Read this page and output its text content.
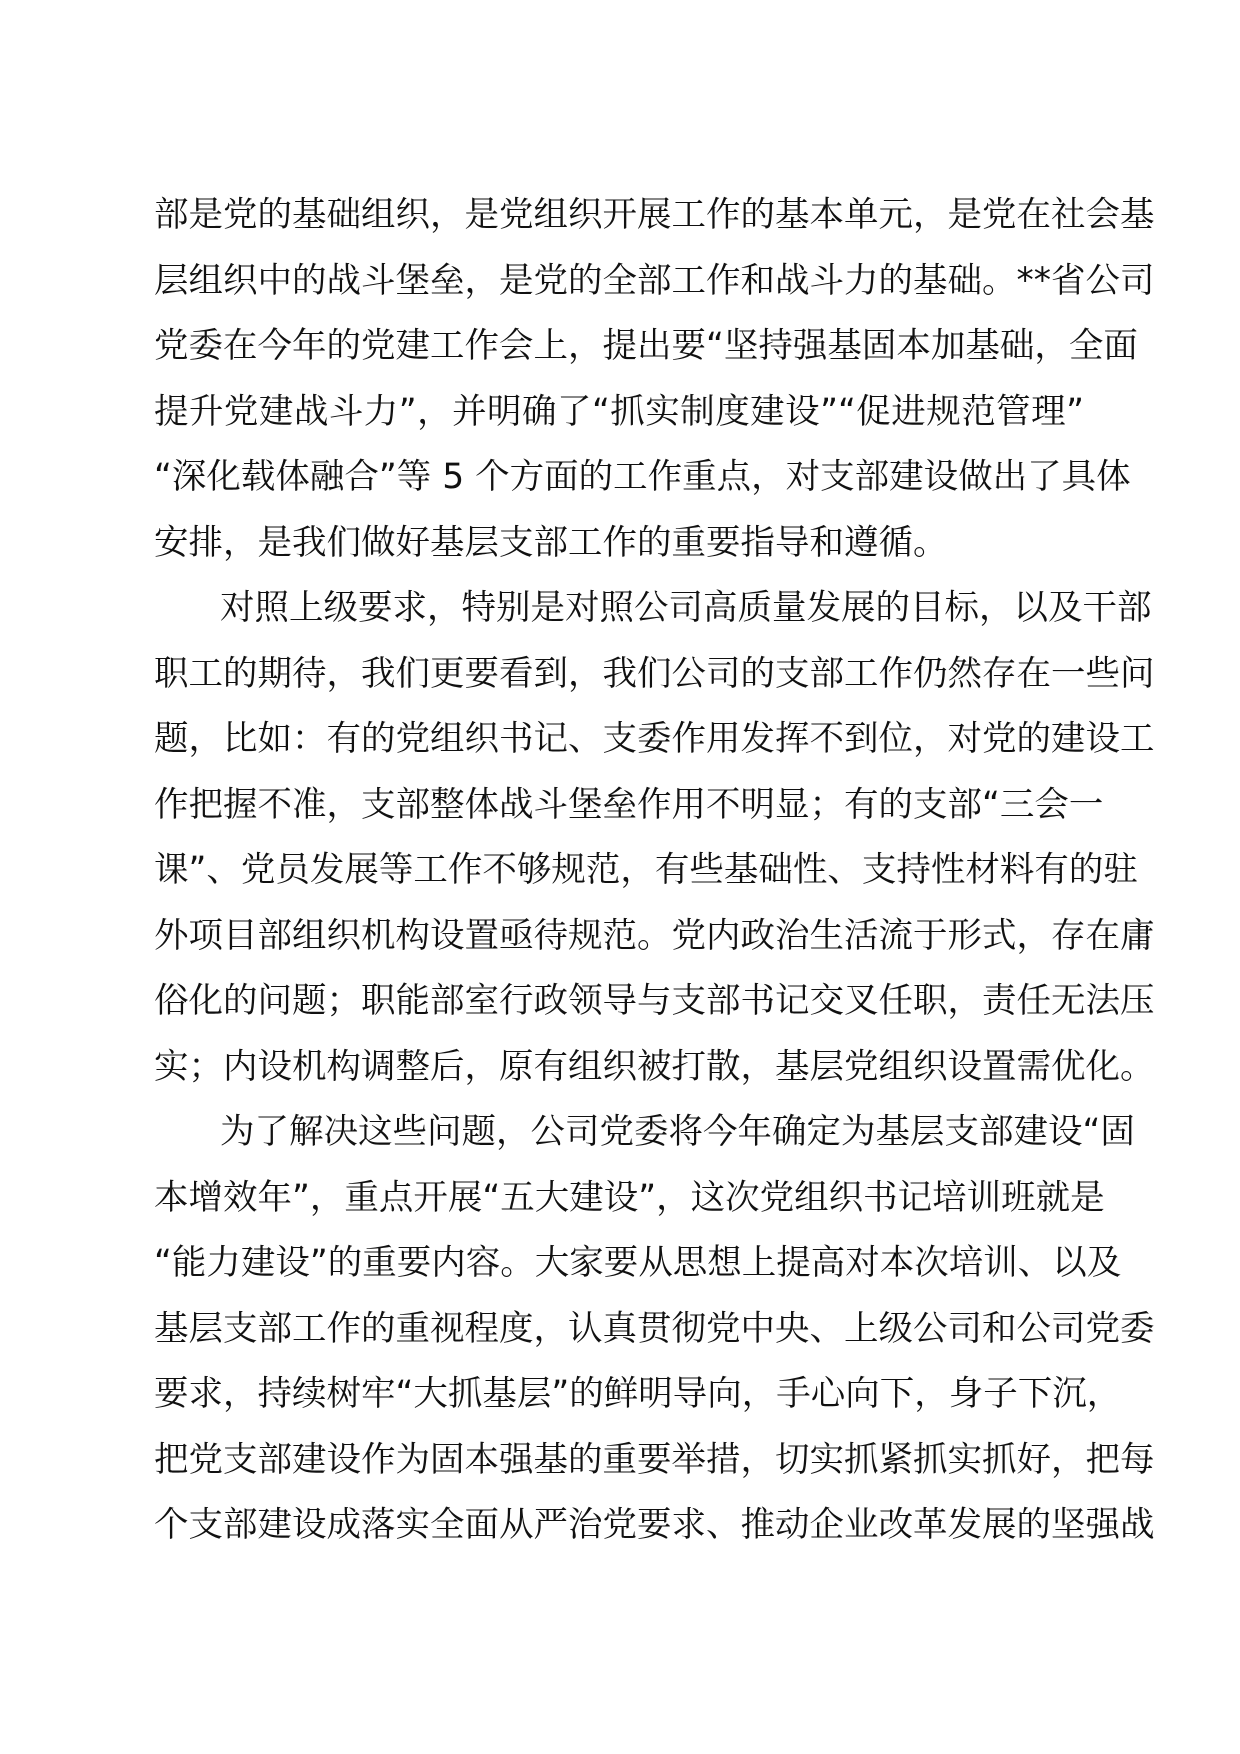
部是党的基础组织，是党组织开展工作的基本单元，是党在社会基
层组织中的战斗堡垒，是党的全部工作和战斗力的基础。**省公司
党委在今年的党建工作会上，提出要“坚持强基固本加基础，全面
提升党建战斗力”，并明确了“抓实制度建设”“促进规范管理”
“深化载体融合”等 5 个方面的工作重点，对支部建设做出了具体
安排，是我们做好基层支部工作的重要指导和遵循。
对照上级要求，特别是对照公司高质量发展的目标，以及干部
职工的期待，我们更要看到，我们公司的支部工作仍然存在一些问
题，比如：有的党组织书记、支委作用发挥不到位，对党的建设工
作把握不准，支部整体战斗堡垒作用不明显；有的支部“三会一
课”、党员发展等工作不够规范，有些基础性、支持性材料有的驻
外项目部组织机构设置亟待规范。党内政治生活流于形式，存在庸
俗化的问题；职能部室行政领导与支部书记交叉任职，责任无法压
实；内设机构调整后，原有组织被打散，基层党组织设置需优化。
为了解决这些问题，公司党委将今年确定为基层支部建设“固
本增效年”，重点开展“五大建设”，这次党组织书记培训班就是
“能力建设”的重要内容。大家要从思想上提高对本次培训、以及
基层支部工作的重视程度，认真贯彻党中央、上级公司和公司党委
要求，持续树牢“大抓基层”的鲜明导向，手心向下，身子下沉，
把党支部建设作为固本强基的重要举措，切实抓紧抓实抓好，把每
个支部建设成落实全面从严治党要求、推动企业改革发展的坚强战
